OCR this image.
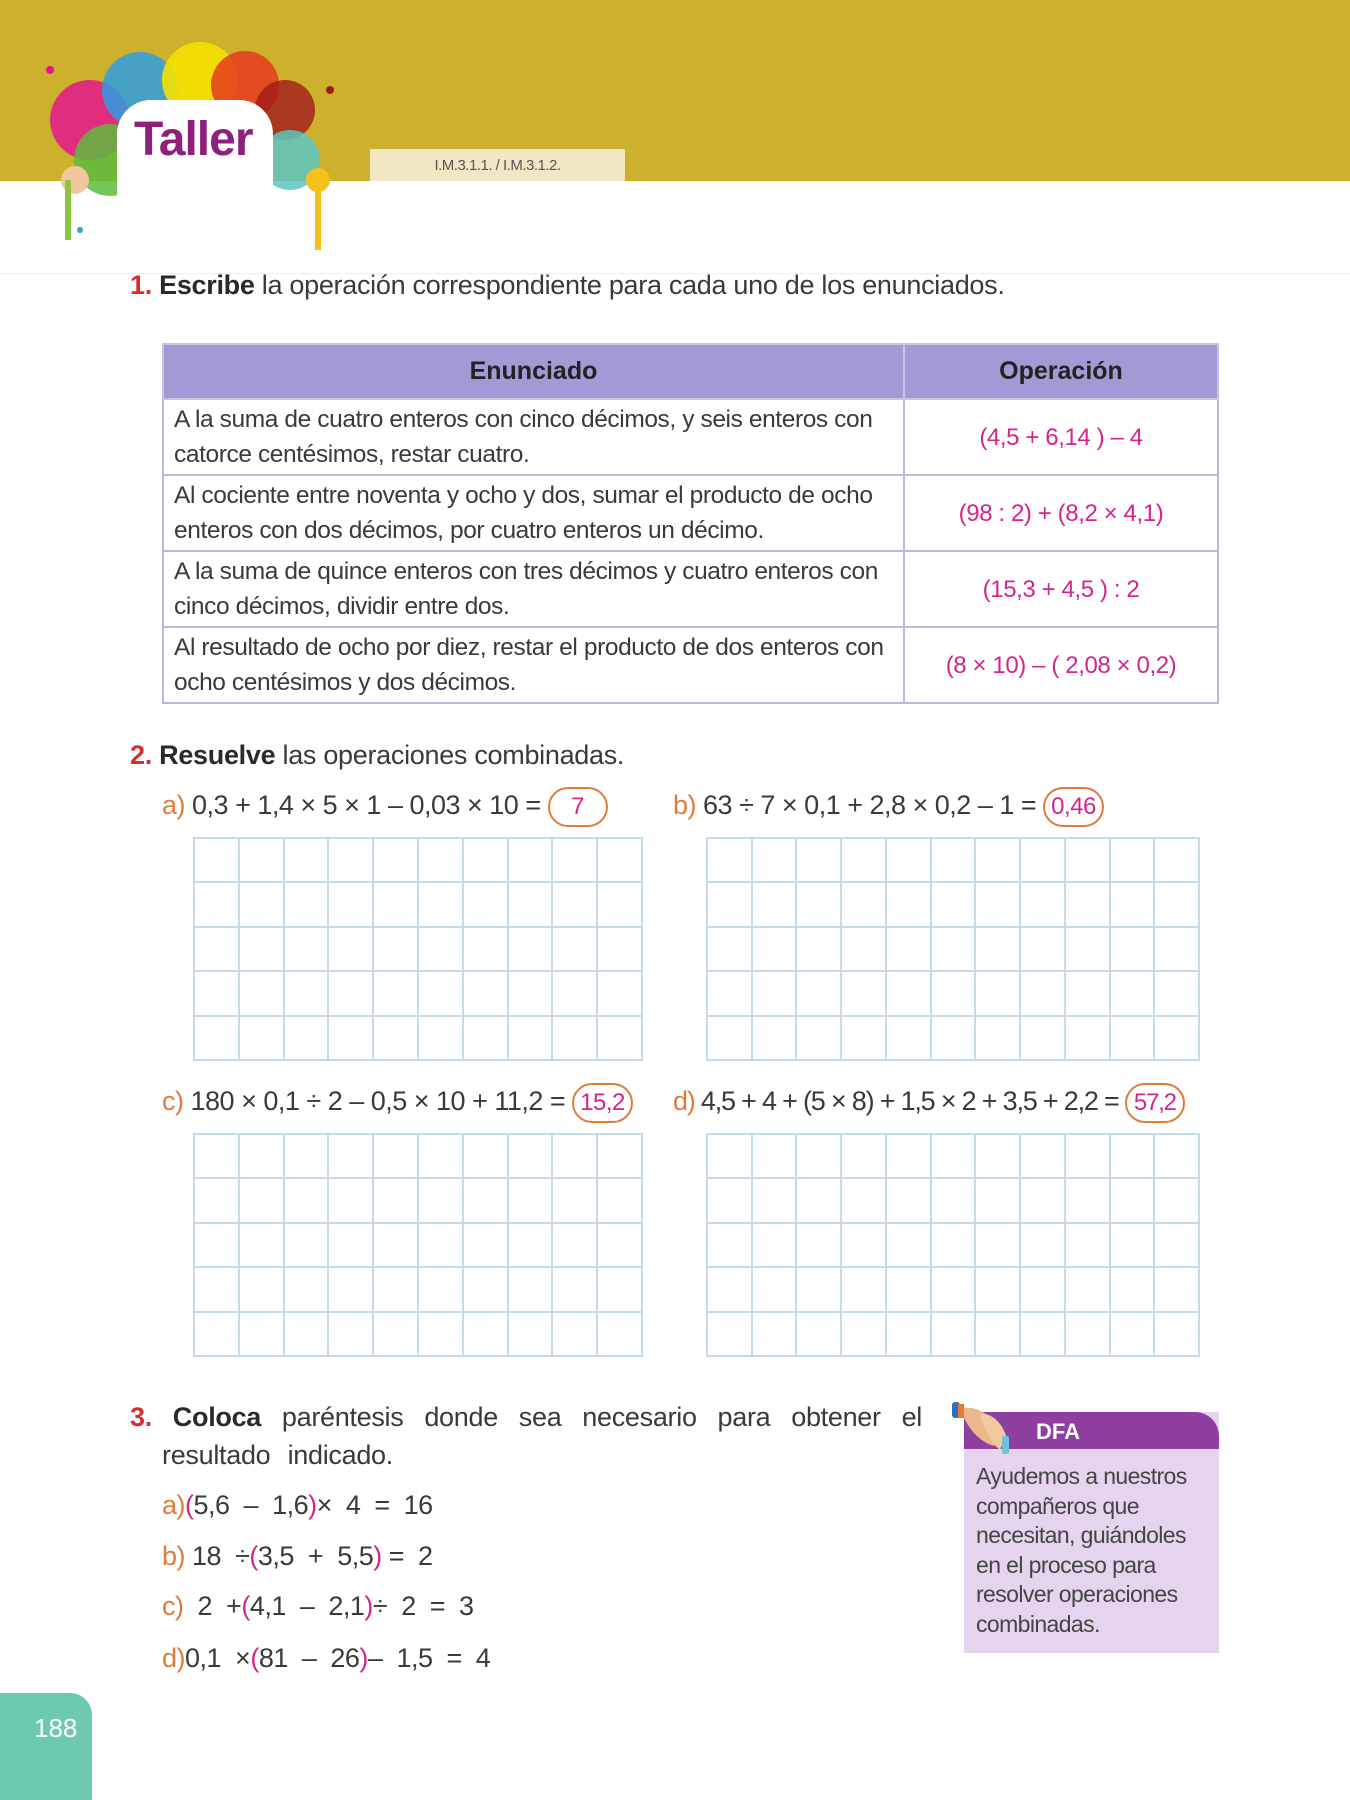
Taller	I.M.3.1.1. / I.M.3.1.2.
1. Escribe la operación correspondiente para cada uno de los enunciados.
Enunciado	Operación
A la suma de cuatro enteros con cinco décimos, y seis enteros con catorce centésimos, restar cuatro.	(4,5 + 6,14 ) – 4
Al cociente entre noventa y ocho y dos, sumar el producto de ocho enteros con dos décimos, por cuatro enteros un décimo.	(98 : 2) + (8,2 × 4,1)
A la suma de quince enteros con tres décimos y cuatro enteros con cinco décimos, dividir entre dos.	(15,3 + 4,5 ) : 2
Al resultado de ocho por diez, restar el producto de dos enteros con ocho centésimos y dos décimos.	(8 × 10) – ( 2,08 × 0,2)
2. Resuelve las operaciones combinadas.
a) 0,3 + 1,4 × 5 × 1 – 0,03 × 10 = 7	b) 63 ÷ 7 × 0,1 + 2,8 × 0,2 – 1 = 0,46
c) 180 × 0,1 ÷ 2 – 0,5 × 10 + 11,2 = 15,2 d) 4,5 + 4 + (5 × 8) + 1,5 × 2 + 3,5 + 2,2 = 57,2
3. Coloca paréntesis donde sea necesario para obtener el resultado indicado.
a)(5,6  –  1,6)×  4  =  16
b) 18  ÷(3,5  +  5,5) =  2
c) 2  +(4,1  –  2,1)÷  2  =  3
d)0,1  ×(81  –  26)–  1,5  =  4
DFA
Ayudemos a nuestros compañeros que necesitan, guiándoles en el proceso para resolver operaciones combinadas.
188
